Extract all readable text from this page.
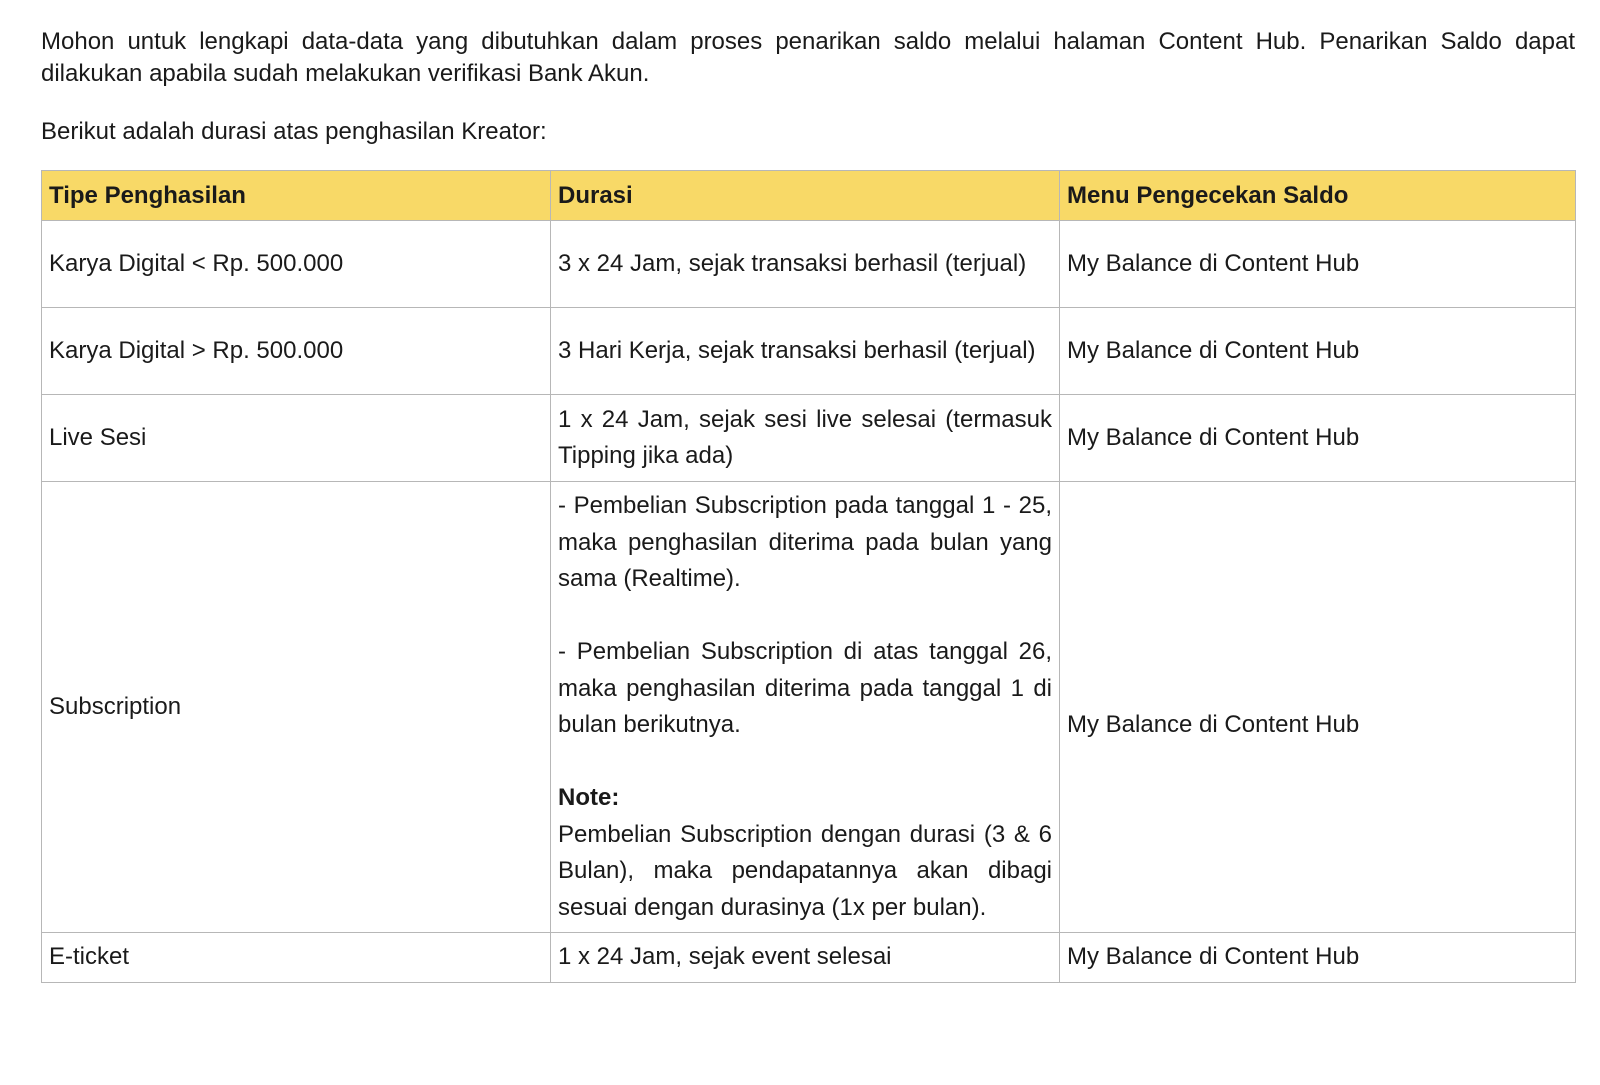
Mohon untuk lengkapi data-data yang dibutuhkan dalam proses penarikan saldo melalui halaman Content Hub. Penarikan Saldo dapat dilakukan apabila sudah melakukan verifikasi Bank Akun.

Berikut adalah durasi atas penghasilan Kreator:

Tipe Penghasilan	Durasi	Menu Pengecekan Saldo
Karya Digital < Rp. 500.000	3 x 24 Jam, sejak transaksi berhasil (terjual)	My Balance di Content Hub
Karya Digital > Rp. 500.000	3 Hari Kerja, sejak transaksi berhasil (terjual)	My Balance di Content Hub
Live Sesi	1 x 24 Jam, sejak sesi live selesai (termasuk Tipping jika ada)	My Balance di Content Hub
Subscription	- Pembelian Subscription pada tanggal 1 - 25, maka penghasilan diterima pada bulan yang sama (Realtime).

- Pembelian Subscription di atas tanggal 26, maka penghasilan diterima pada tanggal 1 di bulan berikutnya.

Note:

Pembelian Subscription dengan durasi (3 & 6 Bulan), maka pendapatannya akan dibagi sesuai dengan durasinya (1x per bulan).	My Balance di Content Hub
E-ticket	1 x 24 Jam, sejak event selesai	My Balance di Content Hub
